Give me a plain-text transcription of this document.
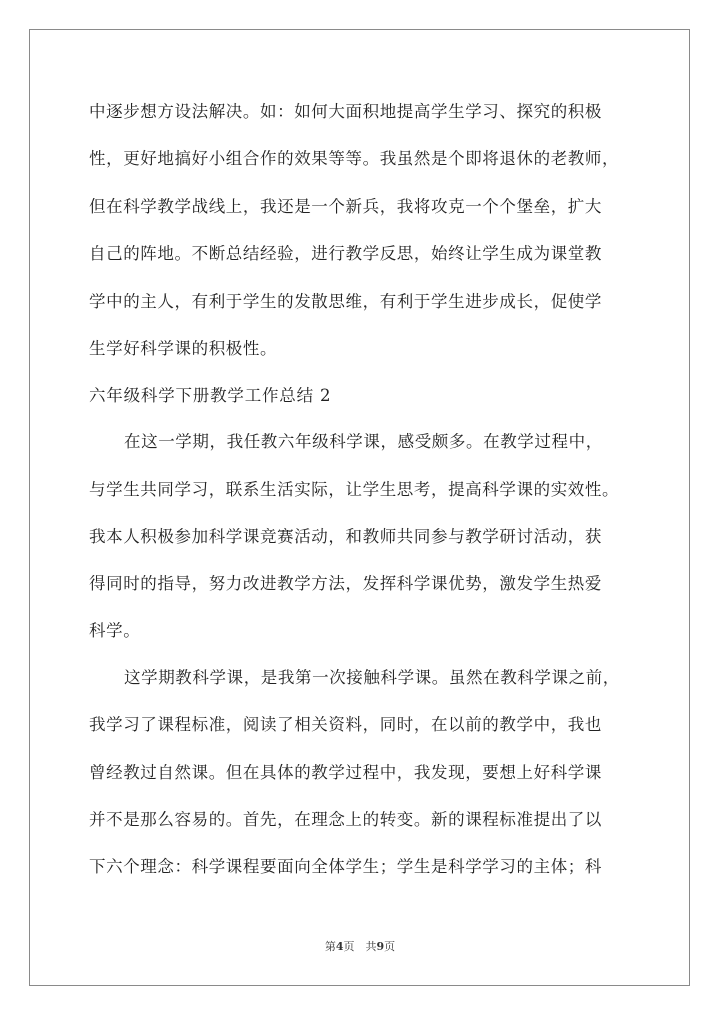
中逐步想方设法解决。如：如何大面积地提高学生学习、探究的积极
性，更好地搞好小组合作的效果等等。我虽然是个即将退休的老教师，
但在科学教学战线上，我还是一个新兵，我将攻克一个个堡垒，扩大
自己的阵地。不断总结经验，进行教学反思，始终让学生成为课堂教
学中的主人，有利于学生的发散思维，有利于学生进步成长，促使学
生学好科学课的积极性。
六年级科学下册教学工作总结 2
在这一学期，我任教六年级科学课，感受颇多。在教学过程中，
与学生共同学习，联系生活实际，让学生思考，提高科学课的实效性。
我本人积极参加科学课竞赛活动，和教师共同参与教学研讨活动，获
得同时的指导，努力改进教学方法，发挥科学课优势，激发学生热爱
科学。
这学期教科学课，是我第一次接触科学课。虽然在教科学课之前，
我学习了课程标准，阅读了相关资料，同时，在以前的教学中，我也
曾经教过自然课。但在具体的教学过程中，我发现，要想上好科学课
并不是那么容易的。首先，在理念上的转变。新的课程标准提出了以
下六个理念：科学课程要面向全体学生；学生是科学学习的主体；科
第4页　共9页
